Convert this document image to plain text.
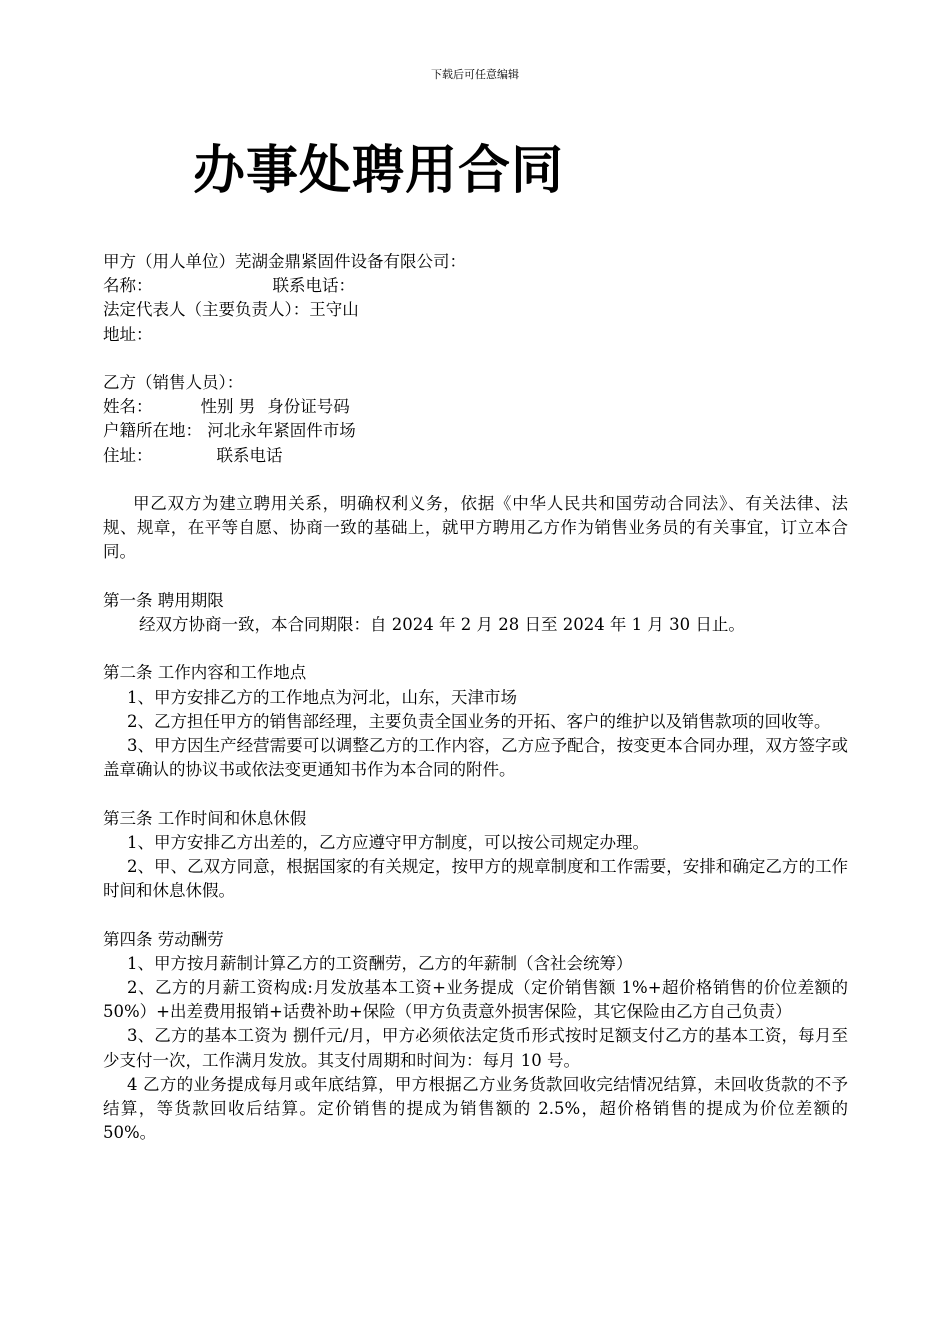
下载后可任意编辑
办事处聘用合同
甲方（用人单位）芜湖金鼎紧固件设备有限公司：
名称：	联系电话：
法定代表人（主要负责人）：王守山
地址：
乙方（销售人员）：
姓名：	性别 男 身份证号码
户籍所在地： 河北永年紧固件市场
住址：	联系电话
甲乙双方为建立聘用关系，明确权利义务，依据《中华人民共和国劳动合同法》、有关法律、法规、规章，在平等自愿、协商一致的基础上，就甲方聘用乙方作为销售业务员的有关事宜，订立本合同。
第一条 聘用期限
经双方协商一致，本合同期限：自 2024 年 2 月 28 日至 2024 年 1 月 30 日止。
第二条 工作内容和工作地点
1、甲方安排乙方的工作地点为河北，山东，天津市场
2、乙方担任甲方的销售部经理，主要负责全国业务的开拓、客户的维护以及销售款项的回收等。
3、甲方因生产经营需要可以调整乙方的工作内容，乙方应予配合，按变更本合同办理，双方签字或盖章确认的协议书或依法变更通知书作为本合同的附件。
第三条 工作时间和休息休假
1、甲方安排乙方出差的，乙方应遵守甲方制度，可以按公司规定办理。
2、甲、乙双方同意，根据国家的有关规定，按甲方的规章制度和工作需要，安排和确定乙方的工作时间和休息休假。
第四条 劳动酬劳
1、甲方按月薪制计算乙方的工资酬劳，乙方的年薪制（含社会统筹）
2、乙方的月薪工资构成:月发放基本工资+业务提成（定价销售额 1%+超价格销售的价位差额的 50%）+出差费用报销+话费补助+保险（甲方负责意外损害保险，其它保险由乙方自己负责）
3、乙方的基本工资为 捌仟元/月，甲方必须依法定货币形式按时足额支付乙方的基本工资，每月至少支付一次，工作满月发放。其支付周期和时间为：每月 10 号。
4 乙方的业务提成每月或年底结算，甲方根据乙方业务货款回收完结情况结算，未回收货款的不予结算，等货款回收后结算。定价销售的提成为销售额的 2.5%，超价格销售的提成为价位差额的 50%。
